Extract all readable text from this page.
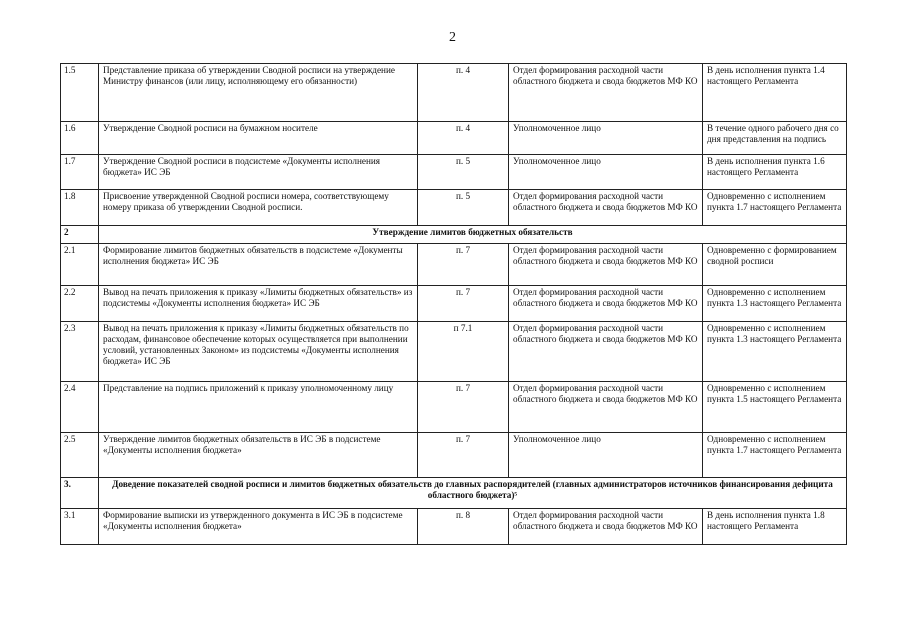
2
1.5	Представление приказа об утверждении Сводной росписи на утверждение Министру финансов (или лицу, исполняющему его обязанности)	п. 4	Отдел формирования расходной части областного бюджета и свода бюджетов МФ КО	В день исполнения пункта 1.4 настоящего Регламента
1.6	Утверждение Сводной росписи на бумажном носителе	п. 4	Уполномоченное лицо	В течение одного рабочего дня со дня представления на подпись
1.7	Утверждение Сводной росписи в подсистеме «Документы исполнения бюджета» ИС ЭБ	п. 5	Уполномоченное лицо	В день исполнения пункта 1.6 настоящего Регламента
1.8	Присвоение утвержденной Сводной росписи номера, соответствующему номеру приказа об утверждении Сводной росписи.	п. 5	Отдел формирования расходной части областного бюджета и свода бюджетов МФ КО	Одновременно с исполнением пункта 1.7 настоящего Регламента
2	Утверждение лимитов бюджетных обязательств			
2.1	Формирование лимитов бюджетных обязательств в подсистеме «Документы исполнения бюджета» ИС ЭБ	п. 7	Отдел формирования расходной части областного бюджета и свода бюджетов МФ КО	Одновременно с формированием сводной росписи
2.2	Вывод на печать приложения к приказу «Лимиты бюджетных обязательств» из подсистемы «Документы исполнения бюджета» ИС ЭБ	п. 7	Отдел формирования расходной части областного бюджета и свода бюджетов МФ КО	Одновременно с исполнением пункта 1.3 настоящего Регламента
2.3	Вывод на печать приложения к приказу «Лимиты бюджетных обязательств по расходам, финансовое обеспечение которых осуществляется при выполнении условий, установленных Законом» из подсистемы «Документы исполнения бюджета» ИС ЭБ	п 7.1	Отдел формирования расходной части областного бюджета и свода бюджетов МФ КО	Одновременно с исполнением пункта 1.3 настоящего Регламента
2.4	Представление на подпись приложений к приказу уполномоченному лицу	п. 7	Отдел формирования расходной части областного бюджета и свода бюджетов МФ КО	Одновременно с исполнением пункта 1.5 настоящего Регламента
2.5	Утверждение лимитов бюджетных обязательств в ИС ЭБ в подсистеме «Документы исполнения бюджета»	п. 7	Уполномоченное лицо	Одновременно с исполнением пункта 1.7 настоящего Регламента
3.	Доведение показателей сводной росписи и лимитов бюджетных обязательств до главных распорядителей (главных администраторов источников финансирования дефицита областного бюджета)⁵			
3.1	Формирование выписки из утвержденного документа в ИС ЭБ в подсистеме «Документы исполнения бюджета»	п. 8	Отдел формирования расходной части областного бюджета и свода бюджетов МФ КО	В день исполнения пункта 1.8 настоящего Регламента
